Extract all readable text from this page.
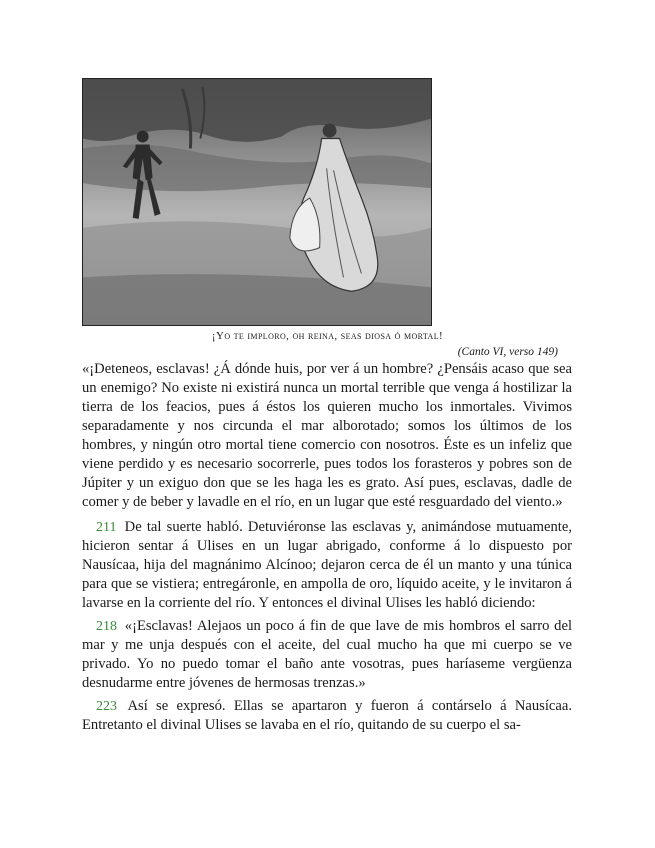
¡Yo te imploro, oh reina, seas diosa ó mortal!
(Canto VI, verso 149)

«¡Deteneos, esclavas! ¿Á dónde huis, por ver á un hombre? ¿Pensáis acaso que sea un enemigo? No existe ni existirá nunca un mortal terrible que venga á hostilizar la tierra de los feacios, pues á éstos los quieren mucho los inmortales. Vivimos separadamente y nos circunda el mar alborotado; somos los últimos de los hombres, y ningún otro mortal tiene comercio con nosotros. Éste es un infeliz que viene perdido y es necesario socorrerle, pues todos los forasteros y pobres son de Júpiter y un exiguo don que se les haga les es grato. Así pues, esclavas, dadle de comer y de beber y lavadle en el río, en un lugar que esté resguardado del viento.»

211 De tal suerte habló. Detuviéronse las esclavas y, animándose mutuamente, hicieron sentar á Ulises en un lugar abrigado, conforme á lo dispuesto por Nausícaa, hija del magnánimo Alcínoo; dejaron cerca de él un manto y una túnica para que se vistiera; entregáronle, en ampolla de oro, líquido aceite, y le invitaron á lavarse en la corriente del río. Y entonces el divinal Ulises les habló diciendo:

218 «¡Esclavas! Alejaos un poco á fin de que lave de mis hombros el sarro del mar y me unja después con el aceite, del cual mucho ha que mi cuerpo se ve privado. Yo no puedo tomar el baño ante vosotras, pues haríaseme vergüenza desnudarme entre jóvenes de hermosas trenzas.»

223 Así se expresó. Ellas se apartaron y fueron á contárselo á Nausícaa. Entretanto el divinal Ulises se lavaba en el río, quitando de su cuerpo el sa-
